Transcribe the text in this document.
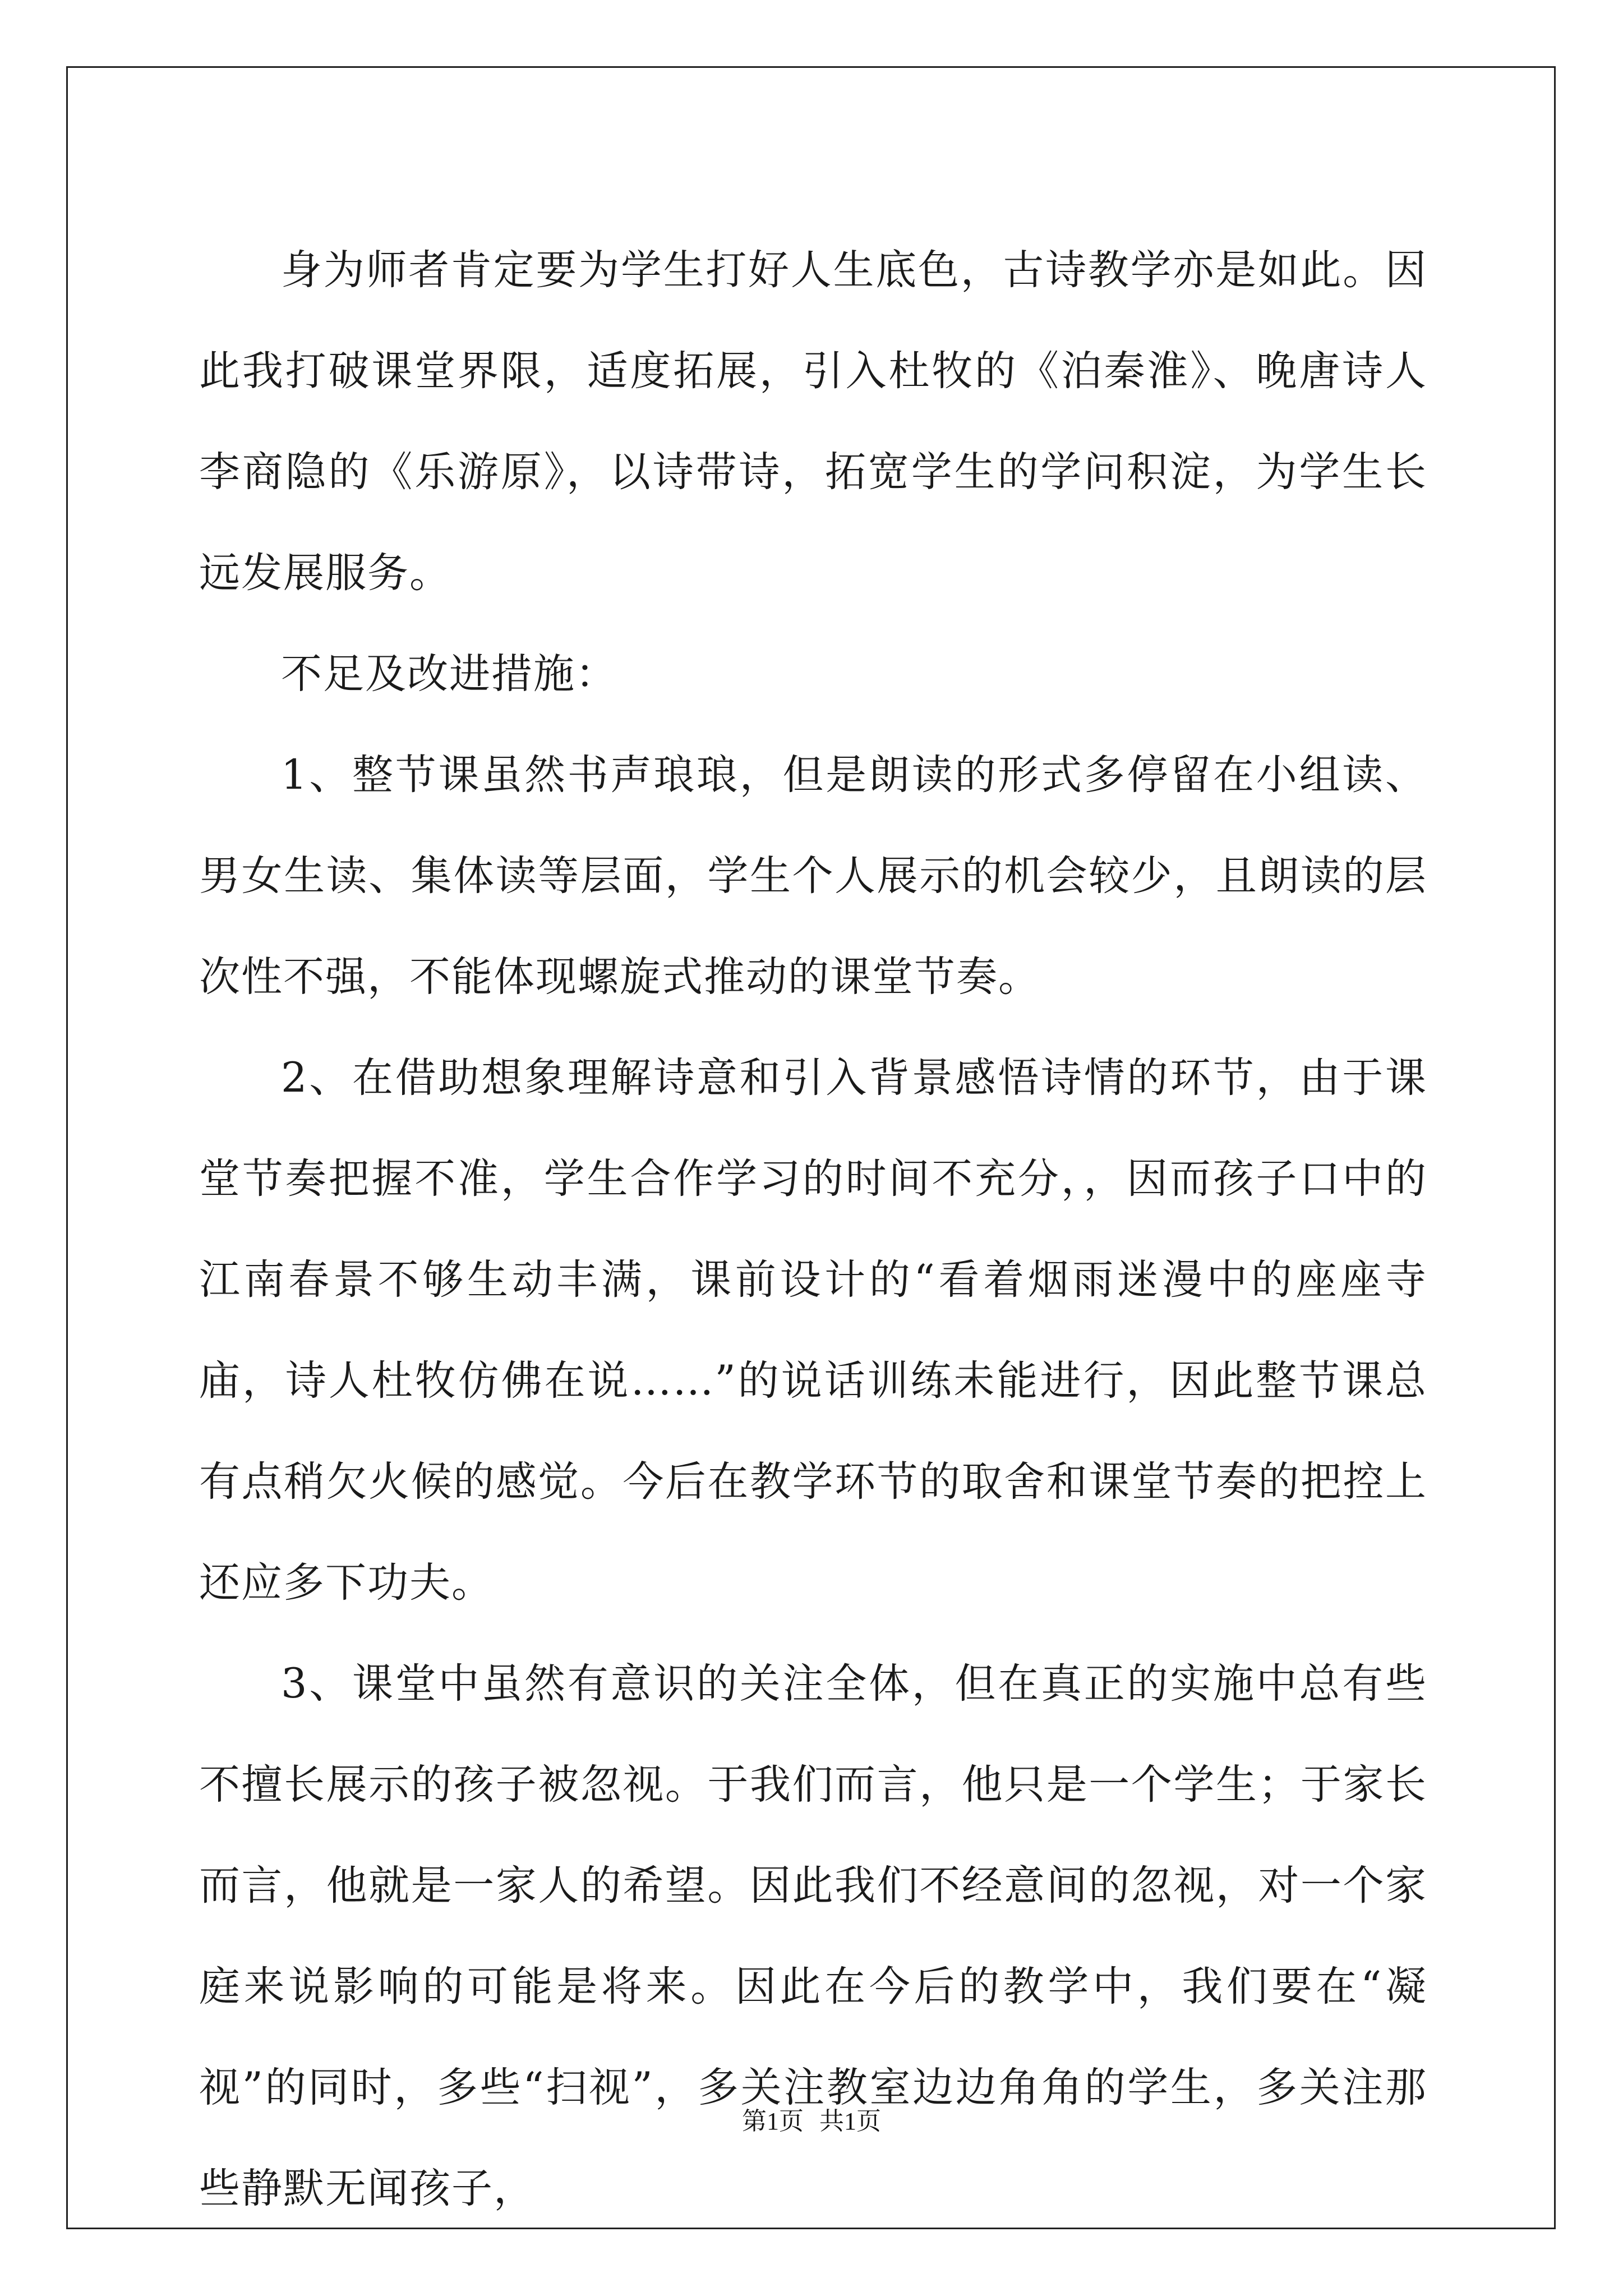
身为师者肯定要为学生打好人生底色，古诗教学亦是如此。因此我打破课堂界限，适度拓展，引入杜牧的《泊秦淮》、晚唐诗人李商隐的《乐游原》，以诗带诗，拓宽学生的学问积淀，为学生长远发展服务。

不足及改进措施：

1、整节课虽然书声琅琅，但是朗读的形式多停留在小组读、男女生读、集体读等层面，学生个人展示的机会较少，且朗读的层次性不强，不能体现螺旋式推动的课堂节奏。

2、在借助想象理解诗意和引入背景感悟诗情的环节，由于课堂节奏把握不准，学生合作学习的时间不充分，，因而孩子口中的江南春景不够生动丰满，课前设计的“看着烟雨迷漫中的座座寺庙，诗人杜牧仿佛在说……”的说话训练未能进行，因此整节课总有点稍欠火候的感觉。今后在教学环节的取舍和课堂节奏的把控上还应多下功夫。

3、课堂中虽然有意识的关注全体，但在真正的实施中总有些不擅长展示的孩子被忽视。于我们而言，他只是一个学生；于家长而言，他就是一家人的希望。因此我们不经意间的忽视，对一个家庭来说影响的可能是将来。因此在今后的教学中，我们要在“凝视”的同时，多些“扫视”，多关注教室边边角角的学生，多关注那些静默无闻孩子，

第1页 共1页
